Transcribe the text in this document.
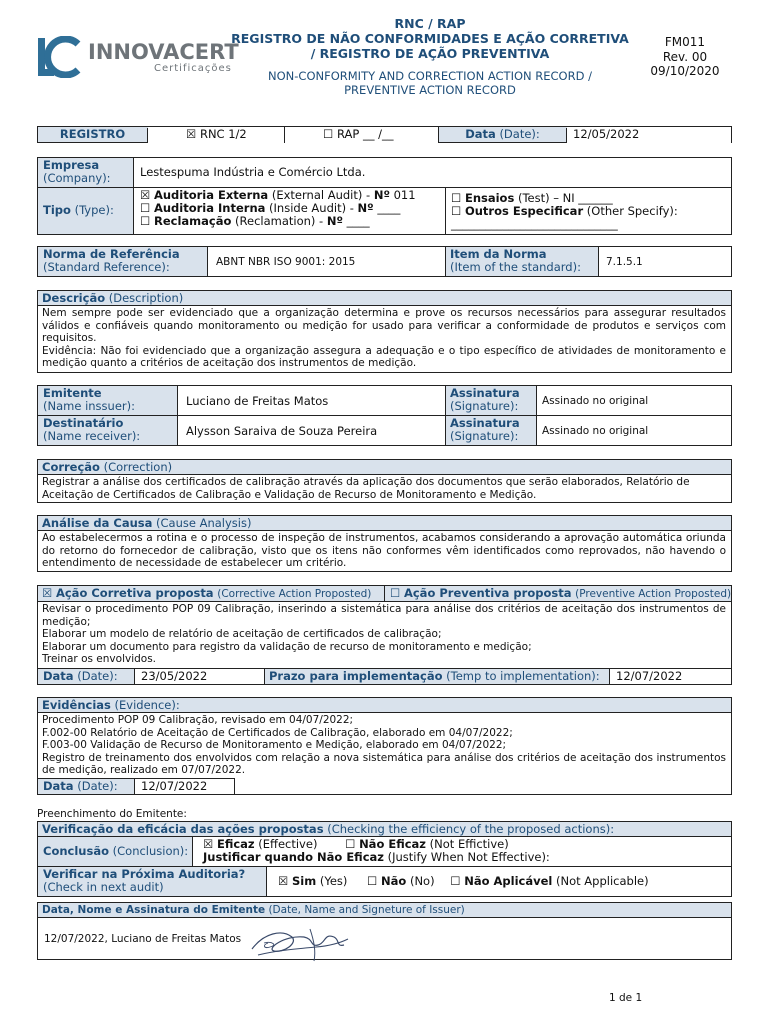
INNOVACERT
Certificações
RNC / RAP
REGISTRO DE NÃO CONFORMIDADES E AÇÃO CORRETIVA
/ REGISTRO DE AÇÃO PREVENTIVA
NON-CONFORMITY AND CORRECTION ACTION RECORD /
PREVENTIVE ACTION RECORD
FM011
Rev. 00
09/10/2020
REGISTRO	☒ RNC 1/2	☐ RAP __ /__	Data (Date):	12/05/2022
Empresa
(Company):	Lestespuma Indústria e Comércio Ltda.
Tipo (Type):
☒ Auditoria Externa (External Audit) - Nº 011
☐ Auditoria Interna (Inside Audit) - Nº ____
☐ Reclamação (Reclamation) - Nº ____
☐ Ensaios (Test) – NI ______
☐ Outros Especificar (Other Specify):
_____________________________
Norma de Referência
(Standard Reference):	ABNT NBR ISO 9001: 2015
Item da Norma
(Item of the standard): 7.1.5.1
Descrição (Description)
Nem sempre pode ser evidenciado que a organização determina e prove os recursos necessários para assegurar resultados válidos e confiáveis quando monitoramento ou medição for usado para verificar a conformidade de produtos e serviços com requisitos.
Evidência: Não foi evidenciado que a organização assegura a adequação e o tipo específico de atividades de monitoramento e medição quanto a critérios de aceitação dos instrumentos de medição.
Emitente
(Name inssuer):	Luciano de Freitas Matos
Assinatura
(Signature): Assinado no original
Destinatário
(Name receiver):	Alysson Saraiva de Souza Pereira
Assinatura
(Signature): Assinado no original
Correção (Correction)
Registrar a análise dos certificados de calibração através da aplicação dos documentos que serão elaborados, Relatório de Aceitação de Certificados de Calibração e Validação de Recurso de Monitoramento e Medição.
Análise da Causa (Cause Analysis)
Ao estabelecermos a rotina e o processo de inspeção de instrumentos, acabamos considerando a aprovação automática oriunda do retorno do fornecedor de calibração, visto que os itens não conformes vêm identificados como reprovados, não havendo o entendimento de necessidade de estabelecer um critério.
☒ Ação Corretiva proposta (Corrective Action Proposted) ☐ Ação Preventiva proposta (Preventive Action Proposted)
Revisar o procedimento POP 09 Calibração, inserindo a sistemática para análise dos critérios de aceitação dos instrumentos de medição;
Elaborar um modelo de relatório de aceitação de certificados de calibração;
Elaborar um documento para registro da validação de recurso de monitoramento e medição;
Treinar os envolvidos.
Data (Date): 23/05/2022	Prazo para implementação (Temp to implementation): 12/07/2022
Evidências (Evidence):
Procedimento POP 09 Calibração, revisado em 04/07/2022;
F.002-00 Relatório de Aceitação de Certificados de Calibração, elaborado em 04/07/2022;
F.003-00 Validação de Recurso de Monitoramento e Medição, elaborado em 04/07/2022;
Registro de treinamento dos envolvidos com relação a nova sistemática para análise dos critérios de aceitação dos instrumentos de medição, realizado em 07/07/2022.
Data (Date): 12/07/2022
Preenchimento do Emitente:
Verificação da eficácia das ações propostas (Checking the efficiency of the proposed actions):
Conclusão (Conclusion): ☒ Eficaz (Effective) ☐ Não Eficaz (Not Effictive)
Justificar quando Não Eficaz (Justify When Not Effective):
Verificar na Próxima Auditoria?
(Check in next audit)	☒ Sim (Yes) ☐ Não (No) ☐ Não Aplicável (Not Applicable)
Data, Nome e Assinatura do Emitente (Date, Name and Signeture of Issuer)
12/07/2022, Luciano de Freitas Matos
1 de 1
